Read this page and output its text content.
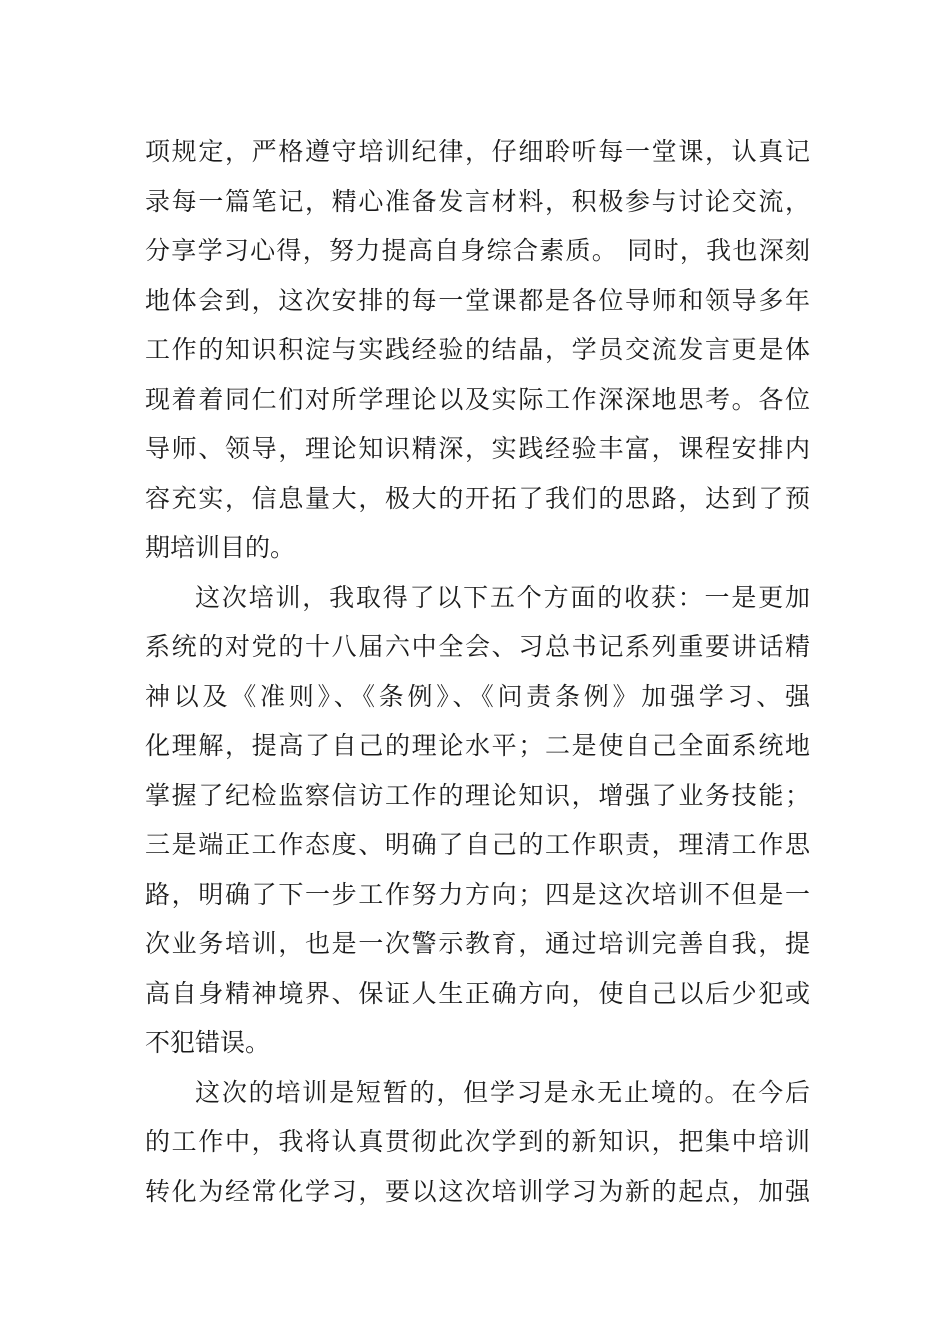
项规定，严格遵守培训纪律，仔细聆听每一堂课，认真记
录每一篇笔记，精心准备发言材料，积极参与讨论交流，
分享学习心得，努力提高自身综合素质。 同时，我也深刻
地体会到，这次安排的每一堂课都是各位导师和领导多年
工作的知识积淀与实践经验的结晶，学员交流发言更是体
现着着同仁们对所学理论以及实际工作深深地思考。各位
导师、领导，理论知识精深，实践经验丰富，课程安排内
容充实，信息量大，极大的开拓了我们的思路，达到了预
期培训目的。
这次培训，我取得了以下五个方面的收获：一是更加
系统的对党的十八届六中全会、习总书记系列重要讲话精
神以及《准则》、《条例》、《问责条例》加强学习、强
化理解，提高了自己的理论水平；二是使自己全面系统地
掌握了纪检监察信访工作的理论知识，增强了业务技能；
三是端正工作态度、明确了自己的工作职责，理清工作思
路，明确了下一步工作努力方向；四是这次培训不但是一
次业务培训，也是一次警示教育，通过培训完善自我，提
高自身精神境界、保证人生正确方向，使自己以后少犯或
不犯错误。
这次的培训是短暂的，但学习是永无止境的。在今后
的工作中，我将认真贯彻此次学到的新知识，把集中培训
转化为经常化学习，要以这次培训学习为新的起点，加强
